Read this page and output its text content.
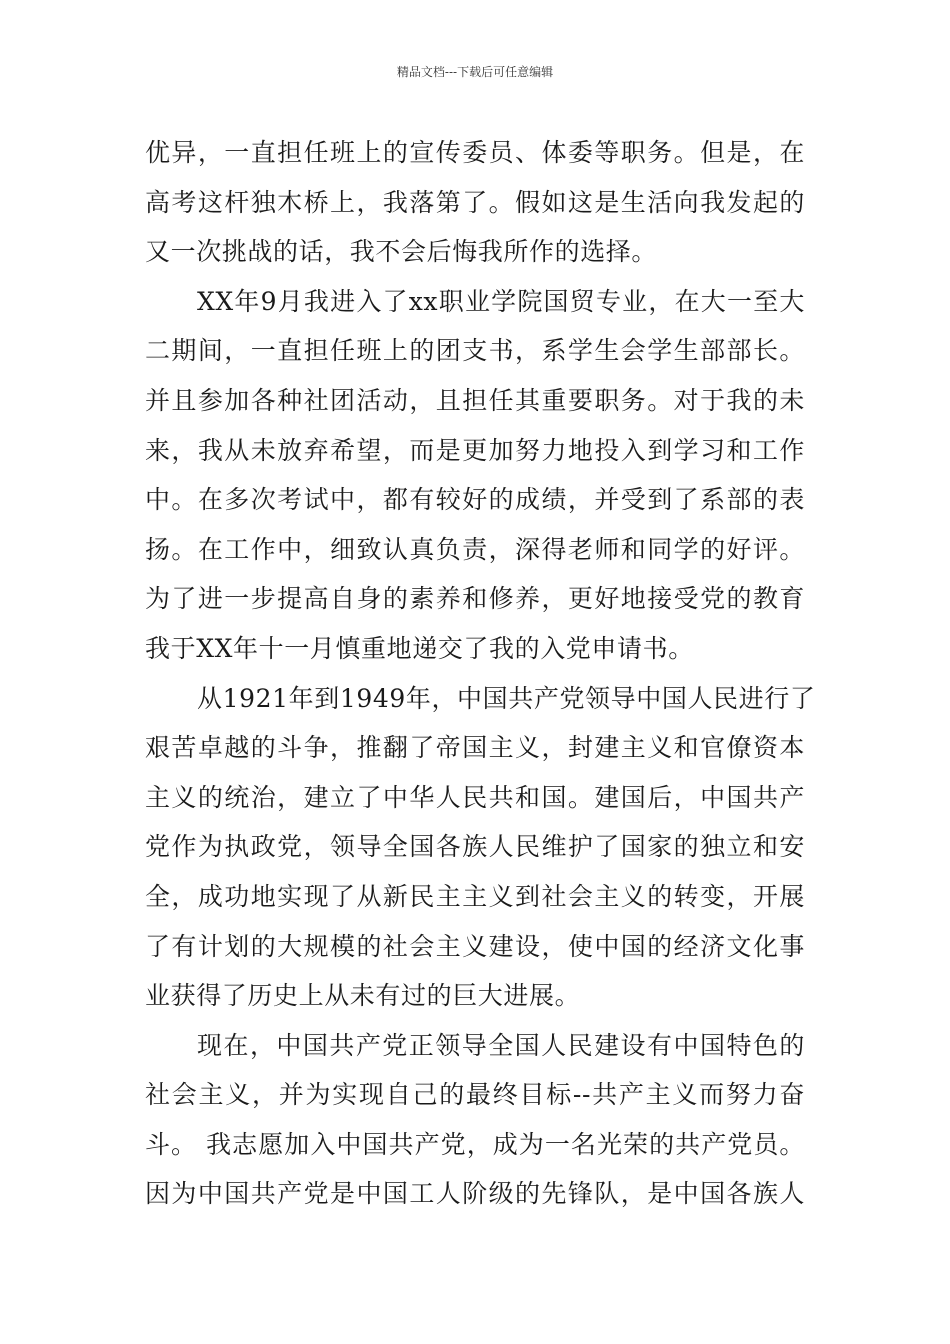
精品文档---下载后可任意编辑
优异，一直担任班上的宣传委员、体委等职务。但是，在
高考这杆独木桥上，我落第了。假如这是生活向我发起的
又一次挑战的话，我不会后悔我所作的选择。
XX年9月我进入了xx职业学院国贸专业，在大一至大
二期间，一直担任班上的团支书，系学生会学生部部长。
并且参加各种社团活动，且担任其重要职务。对于我的未
来，我从未放弃希望，而是更加努力地投入到学习和工作
中。在多次考试中，都有较好的成绩，并受到了系部的表
扬。在工作中，细致认真负责，深得老师和同学的好评。
为了进一步提高自身的素养和修养，更好地接受党的教育
我于XX年十一月慎重地递交了我的入党申请书。
从1921年到1949年，中国共产党领导中国人民进行了
艰苦卓越的斗争，推翻了帝国主义，封建主义和官僚资本
主义的统治，建立了中华人民共和国。建国后，中国共产
党作为执政党，领导全国各族人民维护了国家的独立和安
全，成功地实现了从新民主主义到社会主义的转变，开展
了有计划的大规模的社会主义建设，使中国的经济文化事
业获得了历史上从未有过的巨大进展。
现在，中国共产党正领导全国人民建设有中国特色的
社会主义，并为实现自己的最终目标--共产主义而努力奋
斗。 我志愿加入中国共产党，成为一名光荣的共产党员。
因为中国共产党是中国工人阶级的先锋队，是中国各族人
